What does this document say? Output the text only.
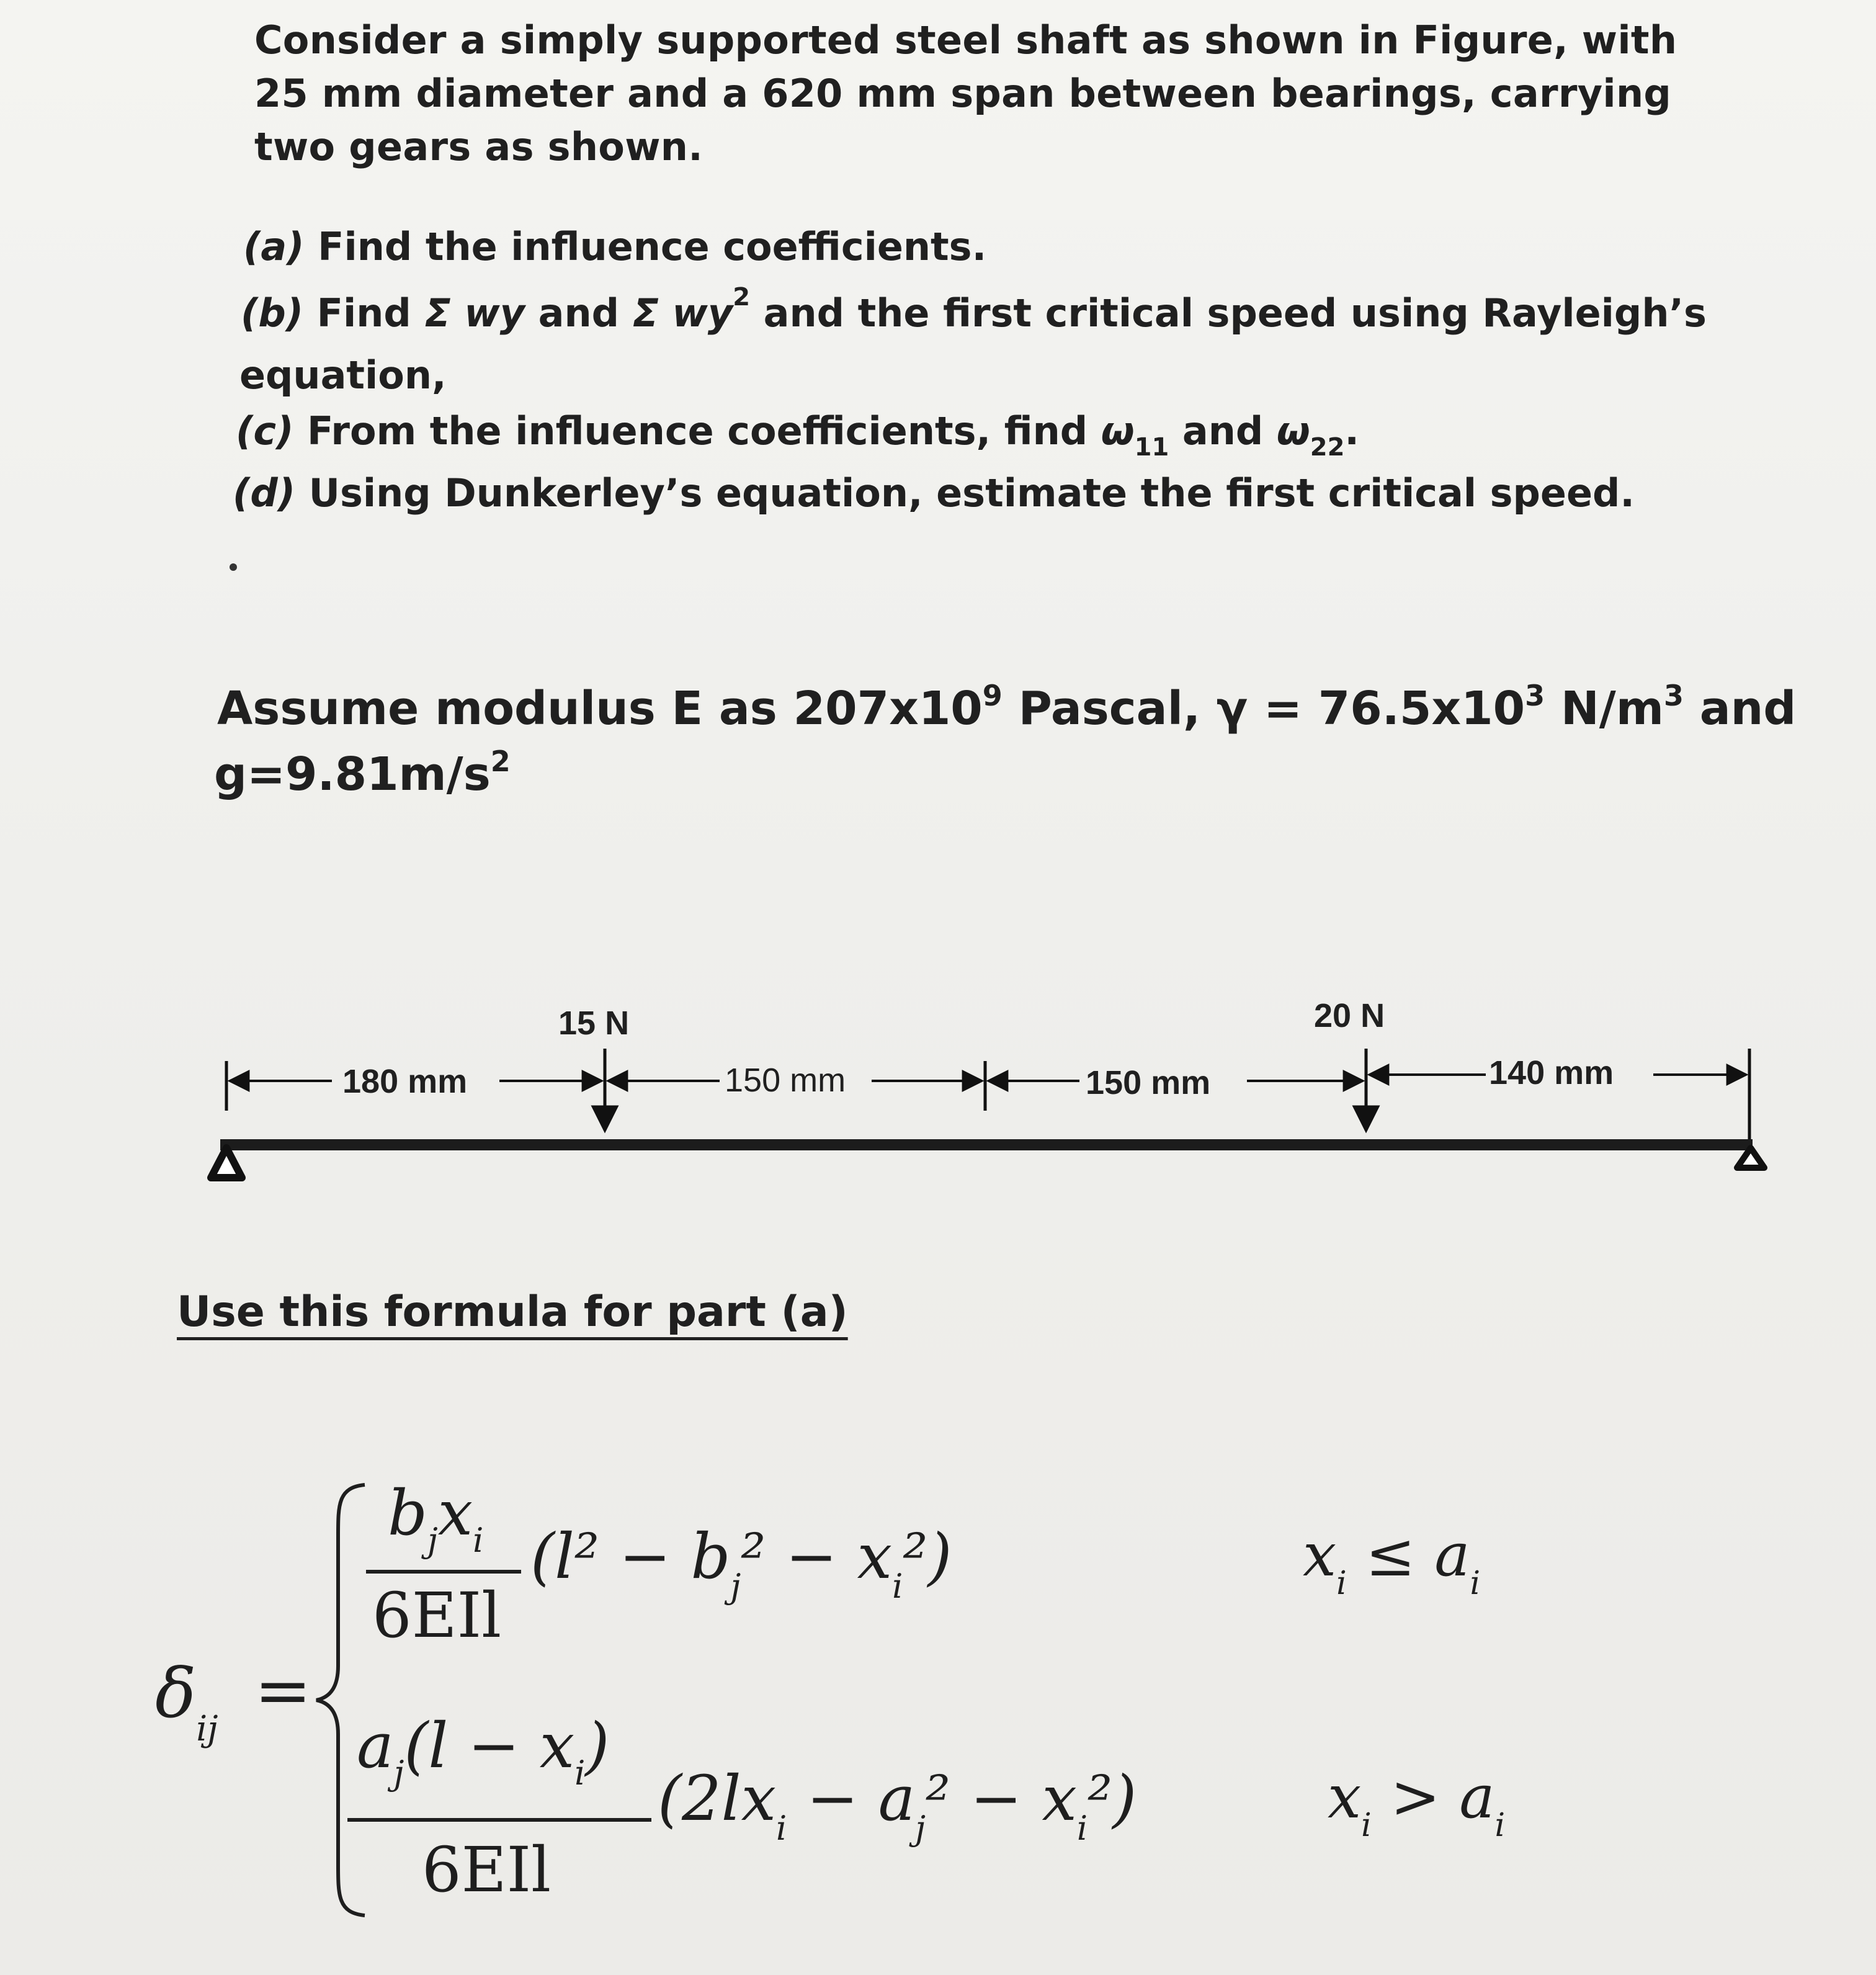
Consider a simply supported steel shaft as shown in Figure, with 25 mm diameter and a 620 mm span between bearings, carrying two gears as shown.
(a) Find the influence coefficients.
(b) Find Σ wy and Σ $wy^2$ and the first critical speed using Rayleigh’s
equation,
(c) From the influence coefficients, find $\omega_{11}$ and $\omega_{22}$.
(d) Using Dunkerley’s equation, estimate the first critical speed.
Assume modulus E as $207x10^9$ Pascal, $\gamma = 76.5x10^3$ $N/m^3$ and
$g=9.81m/s^2$
15 N	20 N
180 mm	150 mm	150 mm	140 mm
Use this formula for part (a)
$\delta_{ij}$ =
$b_jx_i$
6EIl
$(l^2 - b_j^2 - x_i^2)$	$x_i \le a_i$
$a_j(l - x_i)$
6EIl
$(2lx_i - a_j^2 - x_i^2)$	$x_i > a_i$
